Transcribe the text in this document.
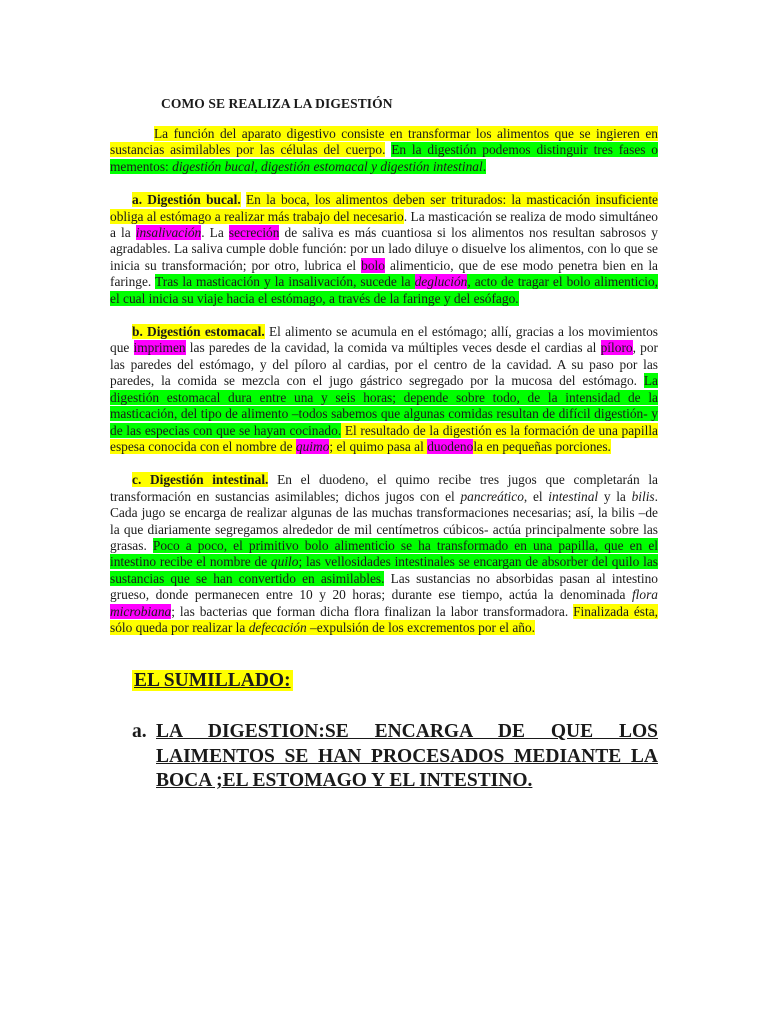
COMO SE REALIZA LA DIGESTIÓN

La función del aparato digestivo consiste en transformar los alimentos que se ingieren en sustancias asimilables por las células del cuerpo. En la digestión podemos distinguir tres fases o mementos: digestión bucal, digestión estomacal y digestión intestinal.

a. Digestión bucal. En la boca, los alimentos deben ser triturados: la masticación insuficiente obliga al estómago a realizar más trabajo del necesario. La masticación se realiza de modo simultáneo a la insalivación. La secreción de saliva es más cuantiosa si los alimentos nos resultan sabrosos y agradables. La saliva cumple doble función: por un lado diluye o disuelve los alimentos, con lo que se inicia su transformación; por otro, lubrica el bolo alimenticio, que de ese modo penetra bien en la faringe. Tras la masticación y la insalivación, sucede la deglución, acto de tragar el bolo alimenticio, el cual inicia su viaje hacia el estómago, a través de la faringe y del esófago.

b. Digestión estomacal. El alimento se acumula en el estómago; allí, gracias a los movimientos que imprimen las paredes de la cavidad, la comida va múltiples veces desde el cardias al píloro, por las paredes del estómago, y del píloro al cardias, por el centro de la cavidad. A su paso por las paredes, la comida se mezcla con el jugo gástrico segregado por la mucosa del estómago. La digestión estomacal dura entre una y seis horas; depende sobre todo, de la intensidad de la masticación, del tipo de alimento –todos sabemos que algunas comidas resultan de difícil digestión- y de las especias con que se hayan cocinado. El resultado de la digestión es la formación de una papilla espesa conocida con el nombre de quimo; el quimo pasa al duodenola en pequeñas porciones.

c. Digestión intestinal. En el duodeno, el quimo recibe tres jugos que completarán la transformación en sustancias asimilables; dichos jugos con el pancreático, el intestinal y la bilis. Cada jugo se encarga de realizar algunas de las muchas transformaciones necesarias; así, la bilis –de la que diariamente segregamos alrededor de mil centímetros cúbicos- actúa principalmente sobre las grasas. Poco a poco, el primitivo bolo alimenticio se ha transformado en una papilla, que en el intestino recibe el nombre de quilo; las vellosidades intestinales se encargan de absorber del quilo las sustancias que se han convertido en asimilables. Las sustancias no absorbidas pasan al intestino grueso, donde permanecen entre 10 y 20 horas; durante ese tiempo, actúa la denominada flora microbiana; las bacterias que forman dicha flora finalizan la labor transformadora. Finalizada ésta, sólo queda por realizar la defecación –expulsión de los excrementos por el año.

EL SUMILLADO:
a. LA DIGESTION:SE ENCARGA DE QUE LOS LAIMENTOS SE HAN PROCESADOS MEDIANTE LA BOCA ;EL ESTOMAGO Y EL INTESTINO.
